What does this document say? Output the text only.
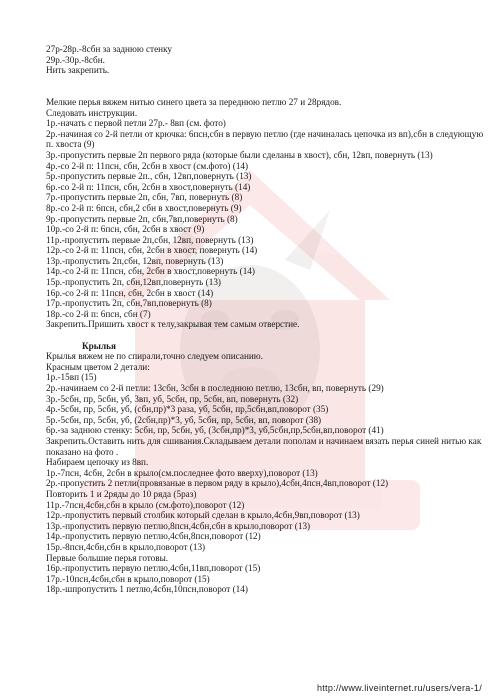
27р-28р.-8сбн за заднюю стенку
29р.-30р.-8сбн.
Нить закрепить.
Мелкие перья вяжем нитью синего цвета за переднюю петлю 27 и 28рядов.
Следовать инструкции.
1р.-начать с первой петли 27р.- 8вп (см. фото)
2р.-начиная со 2-й петли от крючка: 6псн,сбн в первую петлю (где начиналась цепочка из вп),сбн в следующую п. хвоста (9)
3р.-пропустить первые 2п первого ряда (которые были сделаны в хвост), сбн, 12вп, повернуть (13)
4р.-со 2-й п: 11псн, сбн, 2сбн в хвост (см.фото) (14)
5р.-пропустить первые 2п., сбн, 12вп,повернуть (13)
6р.-со 2-й п: 11псн, сбн, 2сбн в хвост,повернуть (14)
7р.-пропустить первые 2п, сбн, 7вп, повернуть (8)
8р.-со 2-й п: 6псн, сбн,2 сбн в хвост,повернуть (9)
9р.-пропустить первые 2п, сбн,7вп,повернуть (8)
10р.-со 2-й п: 6псн, сбн, 2сбн в хвост (9)
11р.-пропустить первые 2п,сбн, 12вп, повернуть (13)
12р.-со 2-й п: 11псн, сбн, 2сбн в хвост, повернуть (14)
13р.-пропустить 2п,сбн, 12вп, повернуть (13)
14р.-со 2-й п: 11псн, сбн, 2сбн в хвост,повернуть (14)
15р.-пропустить 2п, сбн,12вп,повернуть (13)
16р.-со 2-й п: 11псн, сбн, 2сбн в хвост (14)
17р.-пропустить 2п, сбн,7вп,повернуть (8)
18р.-со 2-й п: 6псн, сбн (7)
Закрепить.Пришить хвост к телу,закрывая тем самым отверстие.
Крылья
Крылья вяжем не по спирали,точно следуем описанию.
Красным цветом 2 детали:
1р.-15вп (15)
2р.-начинаем со 2-й петли: 13сбн, 3сбн в последнюю петлю, 13сбн, вп, повернуть (29)
3р.-5сбн, пр, 5сбн, уб, 3вп, уб, 5сбн, пр, 5сбн, вп, повернуть (32)
4р.-5сбн, пр, 5сбн, уб, (сбн,пр)*3 раза, уб, 5сбн, пр,5сбн,вп,поворот (35)
5р.-5сбн, пр, 5сбн, уб, (2сбн,пр)*3, уб, 5сбн, пр, 5сбн, вп, поворот (38)
6р.-за заднюю стенку: 5сбн, пр, 5сбн, уб, (3сбн,пр)*3, уб,5сбн,пр,5сбн,вп,поворот (41)
Закрепить.Оставить нить для сшивания.Складываем детали пополам и начинаем вязать перья синей нитью как показано на фото .
Набираем цепочку из 8вп.
1р.-7псн, 4сбн, 2сбн в крыло(см.последнее фото вверху),поворот (13)
2р.-пропустить 2 петли(провязаные в первом ряду в крыло),4сбн,4псн,4вп,поворот (12)
Повторить 1 и 2ряды до 10 ряда (5раз)
11р.-7псн,4сбн,сбн в крыло (см.фото),поворот (12)
12р.-пропустить первый столбик который сделан в крыло,4сбн,9вп,поворот (13)
13р.-пропустить первую петлю,8псн,4сбн,сбн в крыло,поворот (13)
14р.-пропустить первую петлю,4сбн,8псн,поворот (12)
15р.-8псн,4сбн,сбн в крыло,поворот (13)
Первые большие перья готовы.
16р.-пропустить первую петлю,4сбн,11вп,поворот (15)
17р.-10псн,4сбн,сбн в крыло,поворот (15)
18р.-шпропустить 1 петлю,4сбн,10псн,поворот (14)
http://www.liveinternet.ru/users/vera-1/
